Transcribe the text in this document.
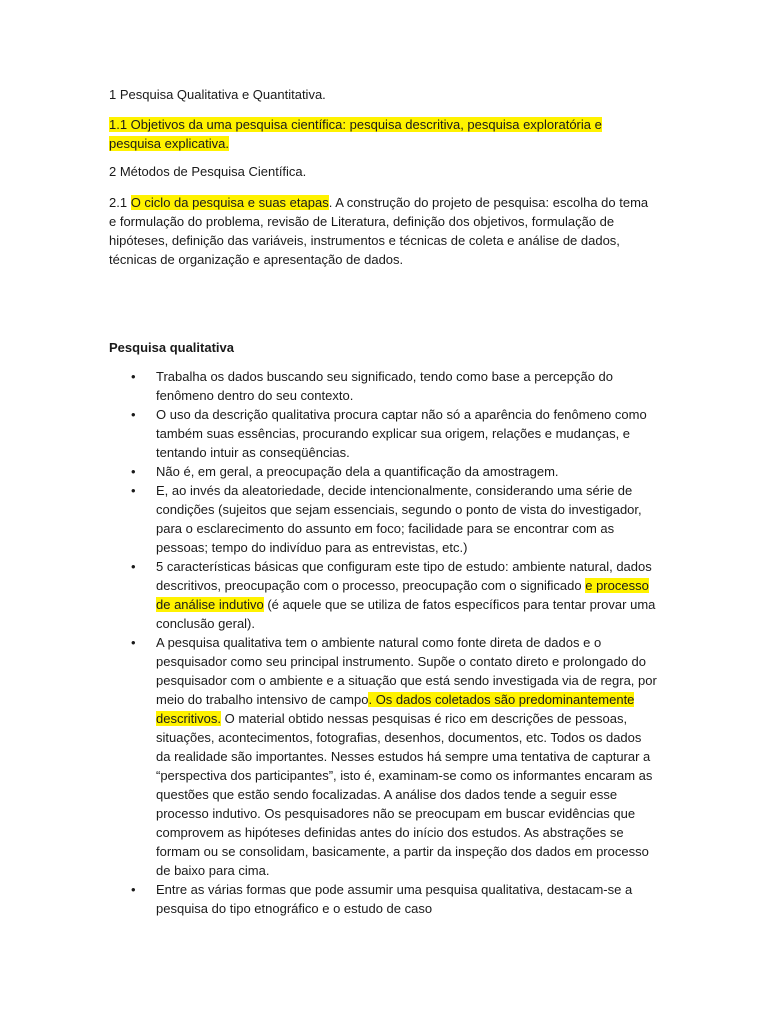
1 Pesquisa Qualitativa e Quantitativa.

1.1 Objetivos da uma pesquisa científica: pesquisa descritiva, pesquisa exploratória e pesquisa explicativa.

2 Métodos de Pesquisa Científica.

2.1 O ciclo da pesquisa e suas etapas. A construção do projeto de pesquisa: escolha do tema e formulação do problema, revisão de Literatura, definição dos objetivos, formulação de hipóteses, definição das variáveis, instrumentos e técnicas de coleta e análise de dados, técnicas de organização e apresentação de dados.

Pesquisa qualitativa

• Trabalha os dados buscando seu significado, tendo como base a percepção do fenômeno dentro do seu contexto.
• O uso da descrição qualitativa procura captar não só a aparência do fenômeno como também suas essências, procurando explicar sua origem, relações e mudanças, e tentando intuir as conseqüências.
• Não é, em geral, a preocupação dela a quantificação da amostragem.
• E, ao invés da aleatoriedade, decide intencionalmente, considerando uma série de condições (sujeitos que sejam essenciais, segundo o ponto de vista do investigador, para o esclarecimento do assunto em foco; facilidade para se encontrar com as pessoas; tempo do indivíduo para as entrevistas, etc.)
• 5 características básicas que configuram este tipo de estudo: ambiente natural, dados descritivos, preocupação com o processo, preocupação com o significado e processo de análise indutivo (é aquele que se utiliza de fatos específicos para tentar provar uma conclusão geral).
• A pesquisa qualitativa tem o ambiente natural como fonte direta de dados e o pesquisador como seu principal instrumento. Supõe o contato direto e prolongado do pesquisador com o ambiente e a situação que está sendo investigada via de regra, por meio do trabalho intensivo de campo. Os dados coletados são predominantemente descritivos. O material obtido nessas pesquisas é rico em descrições de pessoas, situações, acontecimentos, fotografias, desenhos, documentos, etc. Todos os dados da realidade são importantes. Nesses estudos há sempre uma tentativa de capturar a “perspectiva dos participantes”, isto é, examinam-se como os informantes encaram as questões que estão sendo focalizadas. A análise dos dados tende a seguir esse processo indutivo. Os pesquisadores não se preocupam em buscar evidências que comprovem as hipóteses definidas antes do início dos estudos. As abstrações se formam ou se consolidam, basicamente, a partir da inspeção dos dados em processo de baixo para cima.
• Entre as várias formas que pode assumir uma pesquisa qualitativa, destacam-se a pesquisa do tipo etnográfico e o estudo de caso
